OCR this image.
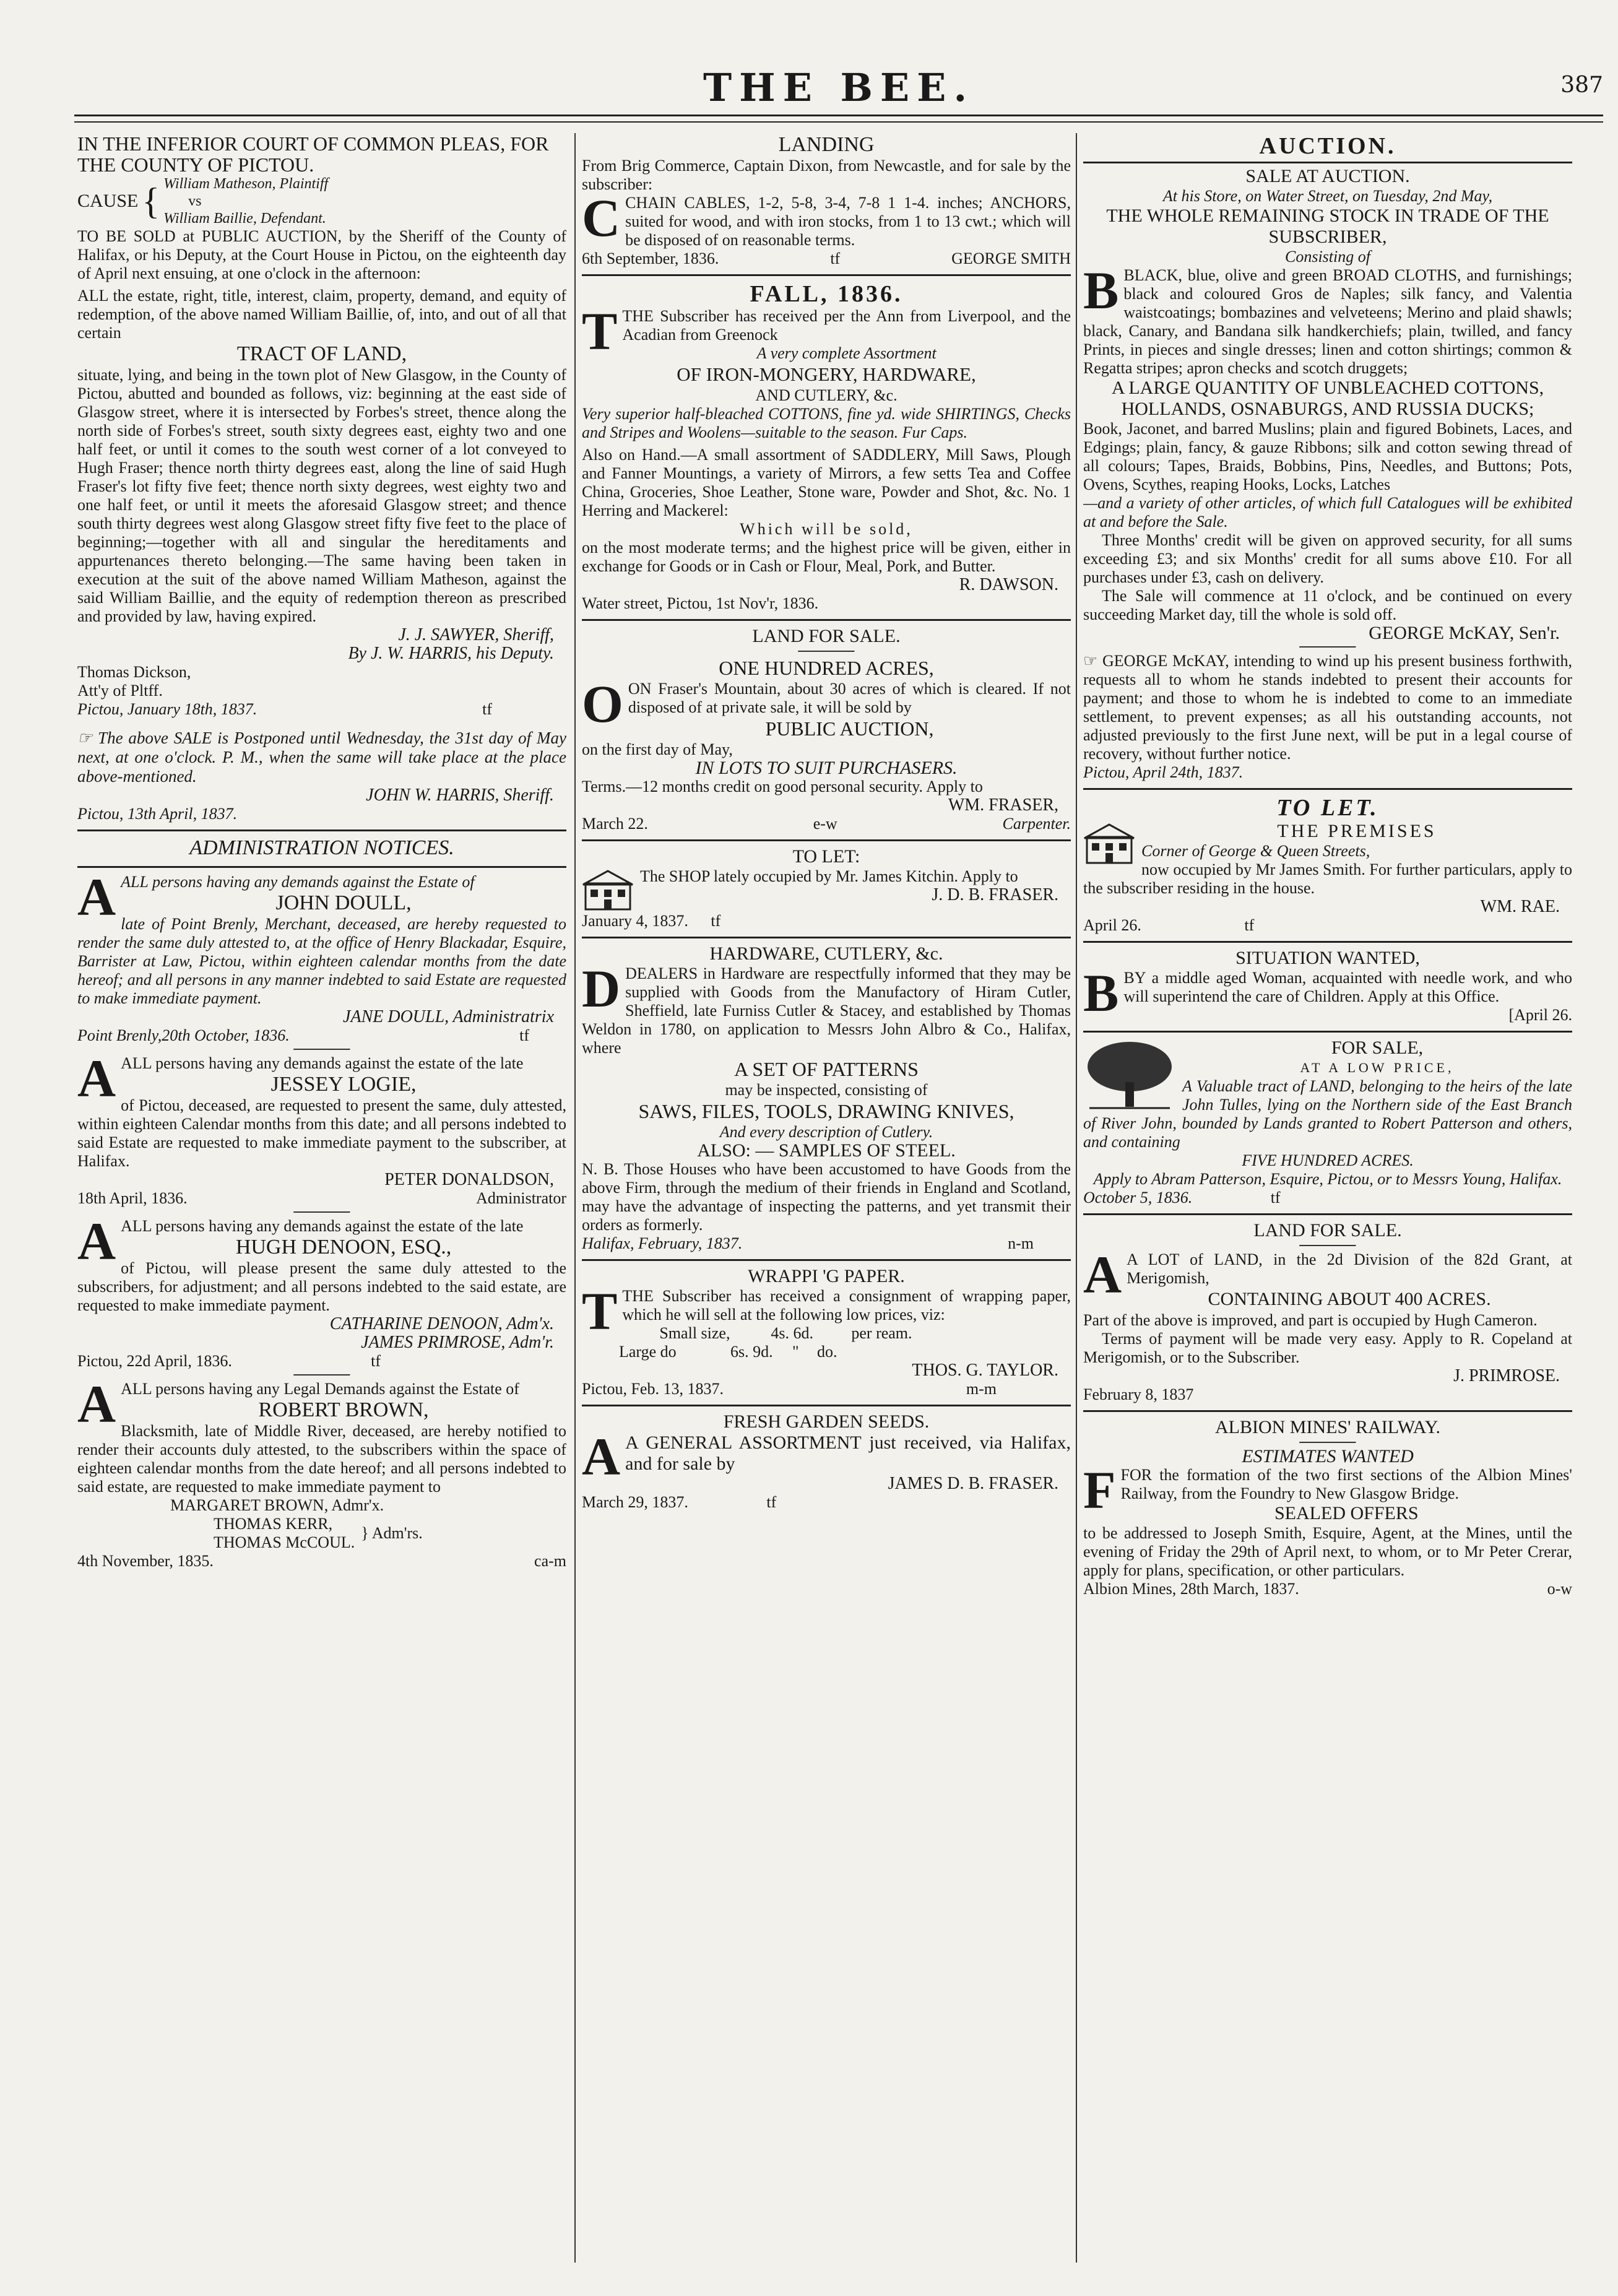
THE BEE.	387
IN THE INFERIOR COURT OF COMMON PLEAS, FOR THE COUNTY OF PICTOU.
CAUSE { William Matheson, Plaintiff
vs
William Baillie, Defendant.
TO BE SOLD at PUBLIC AUCTION, by the Sheriff of the County of Halifax, or his Deputy, at the Court House in Pictou, on the eighteenth day of April next ensuing, at one o'clock in the afternoon:
ALL the estate, right, title, interest, claim, property, demand, and equity of redemption, of the above named William Baillie, of, into, and out of all that certain
TRACT OF LAND,
situate, lying, and being in the town plot of New Glasgow, in the County of Pictou, abutted and bounded as follows, viz: beginning at the east side of Glasgow street, where it is intersected by Forbes's street, thence along the north side of Forbes's street, south sixty degrees east, eighty two and one half feet, or until it comes to the south west corner of a lot conveyed to Hugh Fraser; thence north thirty degrees east, along the line of said Hugh Fraser's lot fifty five feet; thence north sixty degrees, west eighty two and one half feet, or until it meets the aforesaid Glasgow street; and thence south thirty degrees west along Glasgow street fifty five feet to the place of beginning;—together with all and singular the hereditaments and appurtenances thereto belonging.—The same having been taken in execution at the suit of the above named William Matheson, against the said William Baillie, and the equity of redemption thereon as prescribed and provided by law, having expired.
J. J. SAWYER, Sheriff,
By J. W. HARRIS, his Deputy.
Thomas Dickson,
Att'y of Pltff.
Pictou, January 18th, 1837.	tf
☞ The above SALE is Postponed until Wednesday, the 31st day of May next, at one o'clock. P. M., when the same will take place at the place above-mentioned.
JOHN W. HARRIS, Sheriff.
Pictou, 13th April, 1837.
ADMINISTRATION NOTICES.
AALL persons having any demands against the Estate of
JOHN DOULL,
late of Point Brenly, Merchant, deceased, are hereby requested to render the same duly attested to, at the office of Henry Blackadar, Esquire, Barrister at Law, Pictou, within eighteen calendar months from the date hereof; and all persons in any manner indebted to said Estate are requested to make immediate payment.
JANE DOULL, Administratrix
Point Brenly,20th October, 1836.	tf
AALL persons having any demands against the estate of the late
JESSEY LOGIE,
of Pictou, deceased, are requested to present the same, duly attested, within eighteen Calendar months from this date; and all persons indebted to said Estate are requested to make immediate payment to the subscriber, at Halifax.
PETER DONALDSON,
18th April, 1836.	Administrator
AALL persons having any demands against the estate of the late
HUGH DENOON, ESQ.,
of Pictou, will please present the same duly attested to the subscribers, for adjustment; and all persons indebted to the said estate, are requested to make immediate payment.
CATHARINE DENOON, Adm'x.
JAMES PRIMROSE, Adm'r.
Pictou, 22d April, 1836.	tf
AALL persons having any Legal Demands against the Estate of
ROBERT BROWN,
Blacksmith, late of Middle River, deceased, are hereby notified to render their accounts duly attested, to the subscribers within the space of eighteen calendar months from the date hereof; and all persons indebted to said estate, are requested to make immediate payment to
MARGARET BROWN, Admr'x.
THOMAS KERR,
THOMAS McCOUL.
} Adm'rs.
4th November, 1835.	ca-m
LANDING
From Brig Commerce, Captain Dixon, from Newcastle, and for sale by the subscriber:
CCHAIN CABLES, 1-2, 5-8, 3-4, 7-8 1 1-4. inches; ANCHORS, suited for wood, and with iron stocks, from 1 to 13 cwt.; which will be disposed of on reasonable terms.
6th September, 1836.	tf	GEORGE SMITH
FALL, 1836.
TTHE Subscriber has received per the Ann from Liverpool, and the Acadian from Greenock
A very complete Assortment
OF IRON-MONGERY, HARDWARE,
AND CUTLERY, &c.
Very superior half-bleached COTTONS, fine yd. wide SHIRTINGS, Checks and Stripes and Woolens—suitable to the season. Fur Caps.
Also on Hand.—A small assortment of SADDLERY, Mill Saws, Plough and Fanner Mountings, a variety of Mirrors, a few setts Tea and Coffee China, Groceries, Shoe Leather, Stone ware, Powder and Shot, &c. No. 1 Herring and Mackerel:
Which will be sold,
on the most moderate terms; and the highest price will be given, either in exchange for Goods or in Cash or Flour, Meal, Pork, and Butter.
R. DAWSON.
Water street, Pictou, 1st Nov'r, 1836.
LAND FOR SALE.
ONE HUNDRED ACRES,
OON Fraser's Mountain, about 30 acres of which is cleared. If not disposed of at private sale, it will be sold by
PUBLIC AUCTION,
on the first day of May,
IN LOTS TO SUIT PURCHASERS.
Terms.—12 months credit on good personal security. Apply to
WM. FRASER,
March 22.	e-w	Carpenter.
TO LET:
The SHOP lately occupied by Mr. James Kitchin. Apply to
J. D. B. FRASER.
January 4, 1837. tf
HARDWARE, CUTLERY, &c.
DDEALERS in Hardware are respectfully informed that they may be supplied with Goods from the Manufactory of Hiram Cutler, Sheffield, late Furniss Cutler & Stacey, and established by Thomas Weldon in 1780, on application to Messrs John Albro & Co., Halifax, where
A SET OF PATTERNS
may be inspected, consisting of
SAWS, FILES, TOOLS, DRAWING KNIVES,
And every description of Cutlery.
ALSO: — SAMPLES OF STEEL.
N. B. Those Houses who have been accustomed to have Goods from the above Firm, through the medium of their friends in England and Scotland, may have the advantage of inspecting the patterns, and yet transmit their orders as formerly.
Halifax, February, 1837.	n-m
WRAPPI 'G PAPER.
TTHE Subscriber has received a consignment of wrapping paper, which he will sell at the following low prices, viz:
Small size,	4s. 6d.	per ream.
Large do	6s. 9d.	"	do.
THOS. G. TAYLOR.
Pictou, Feb. 13, 1837.	m-m
FRESH GARDEN SEEDS.
A A GENERAL ASSORTMENT just received, via Halifax, and for sale by
JAMES D. B. FRASER.
March 29, 1837.	tf
AUCTION.
SALE AT AUCTION.
At his Store, on Water Street, on Tuesday, 2nd May,
THE WHOLE REMAINING STOCK IN TRADE OF THE SUBSCRIBER,
Consisting of
BBLACK, blue, olive and green BROAD CLOTHS, and furnishings; black and coloured Gros de Naples; silk fancy, and Valentia waistcoatings; bombazines and velveteens; Merino and plaid shawls; black, Canary, and Bandana silk handkerchiefs; plain, twilled, and fancy Prints, in pieces and single dresses; linen and cotton shirtings; common & Regatta stripes; apron checks and scotch druggets;
A LARGE QUANTITY OF UNBLEACHED COTTONS, HOLLANDS, OSNABURGS, AND RUSSIA DUCKS;
Book, Jaconet, and barred Muslins; plain and figured Bobinets, Laces, and Edgings; plain, fancy, & gauze Ribbons; silk and cotton sewing thread of all colours; Tapes, Braids, Bobbins, Pins, Needles, and Buttons; Pots, Ovens, Scythes, reaping Hooks, Locks, Latches
—and a variety of other articles, of which full Catalogues will be exhibited at and before the Sale.
Three Months' credit will be given on approved security, for all sums exceeding £3; and six Months' credit for all sums above £10. For all purchases under £3, cash on delivery.
The Sale will commence at 11 o'clock, and be continued on every succeeding Market day, till the whole is sold off.
GEORGE McKAY, Sen'r.
☞ GEORGE McKAY, intending to wind up his present business forthwith, requests all to whom he stands indebted to present their accounts for payment; and those to whom he is indebted to come to an immediate settlement, to prevent expenses; as all his outstanding accounts, not adjusted previously to the first June next, will be put in a legal course of recovery, without further notice.
Pictou, April 24th, 1837.
TO LET.
THE PREMISES
Corner of George & Queen Streets,
now occupied by Mr James Smith. For further particulars, apply to the subscriber residing in the house.
WM. RAE.
April 26.	tf
SITUATION WANTED,
BBY a middle aged Woman, acquainted with needle work, and who will superintend the care of Children. Apply at this Office.
[April 26.
FOR SALE,
AT A LOW PRICE,
A Valuable tract of LAND, belonging to the heirs of the late John Tulles, lying on the Northern side of the East Branch of River John, bounded by Lands granted to Robert Patterson and others, and containing
FIVE HUNDRED ACRES.
Apply to Abram Patterson, Esquire, Pictou, or to Messrs Young, Halifax.
October 5, 1836.	tf
LAND FOR SALE.
A A LOT of LAND, in the 2d Division of the 82d Grant, at Merigomish,
CONTAINING ABOUT 400 ACRES.
Part of the above is improved, and part is occupied by Hugh Cameron.
Terms of payment will be made very easy. Apply to R. Copeland at Merigomish, or to the Subscriber.
J. PRIMROSE.
February 8, 1837
ALBION MINES' RAILWAY.
ESTIMATES WANTED
FFOR the formation of the two first sections of the Albion Mines' Railway, from the Foundry to New Glasgow Bridge.
SEALED OFFERS
to be addressed to Joseph Smith, Esquire, Agent, at the Mines, until the evening of Friday the 29th of April next, to whom, or to Mr Peter Crerar, apply for plans, specification, or other particulars.
Albion Mines, 28th March, 1837.	o-w
